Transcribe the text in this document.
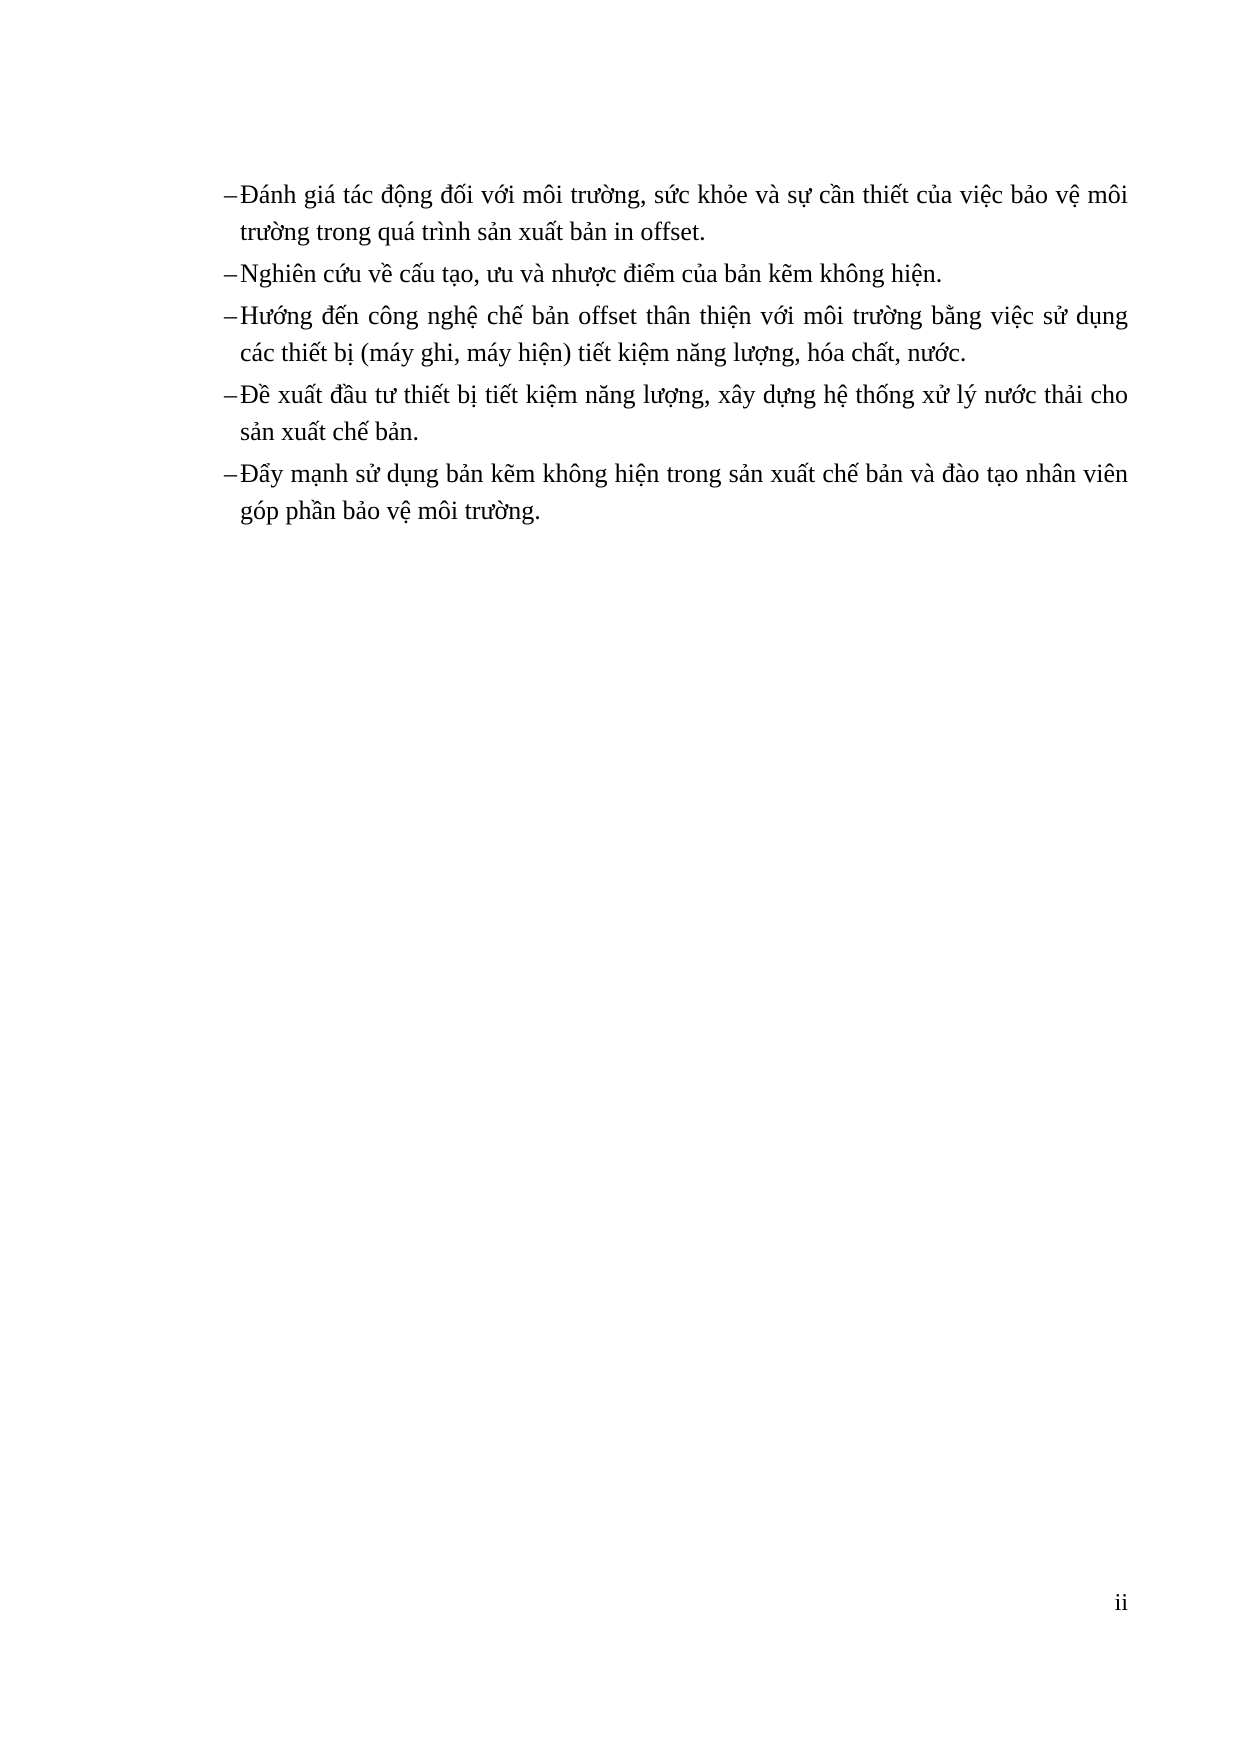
– Đánh giá tác động đối với môi trường, sức khỏe và sự cần thiết của việc bảo vệ môi trường trong quá trình sản xuất bản in offset.
– Nghiên cứu về cấu tạo, ưu và nhược điểm của bản kẽm không hiện.
– Hướng đến công nghệ chế bản offset thân thiện với môi trường bằng việc sử dụng các thiết bị (máy ghi, máy hiện) tiết kiệm năng lượng, hóa chất, nước.
– Đề xuất đầu tư thiết bị tiết kiệm năng lượng, xây dựng hệ thống xử lý nước thải cho sản xuất chế bản.
– Đẩy mạnh sử dụng bản kẽm không hiện trong sản xuất chế bản và đào tạo nhân viên góp phần bảo vệ môi trường.
ii
